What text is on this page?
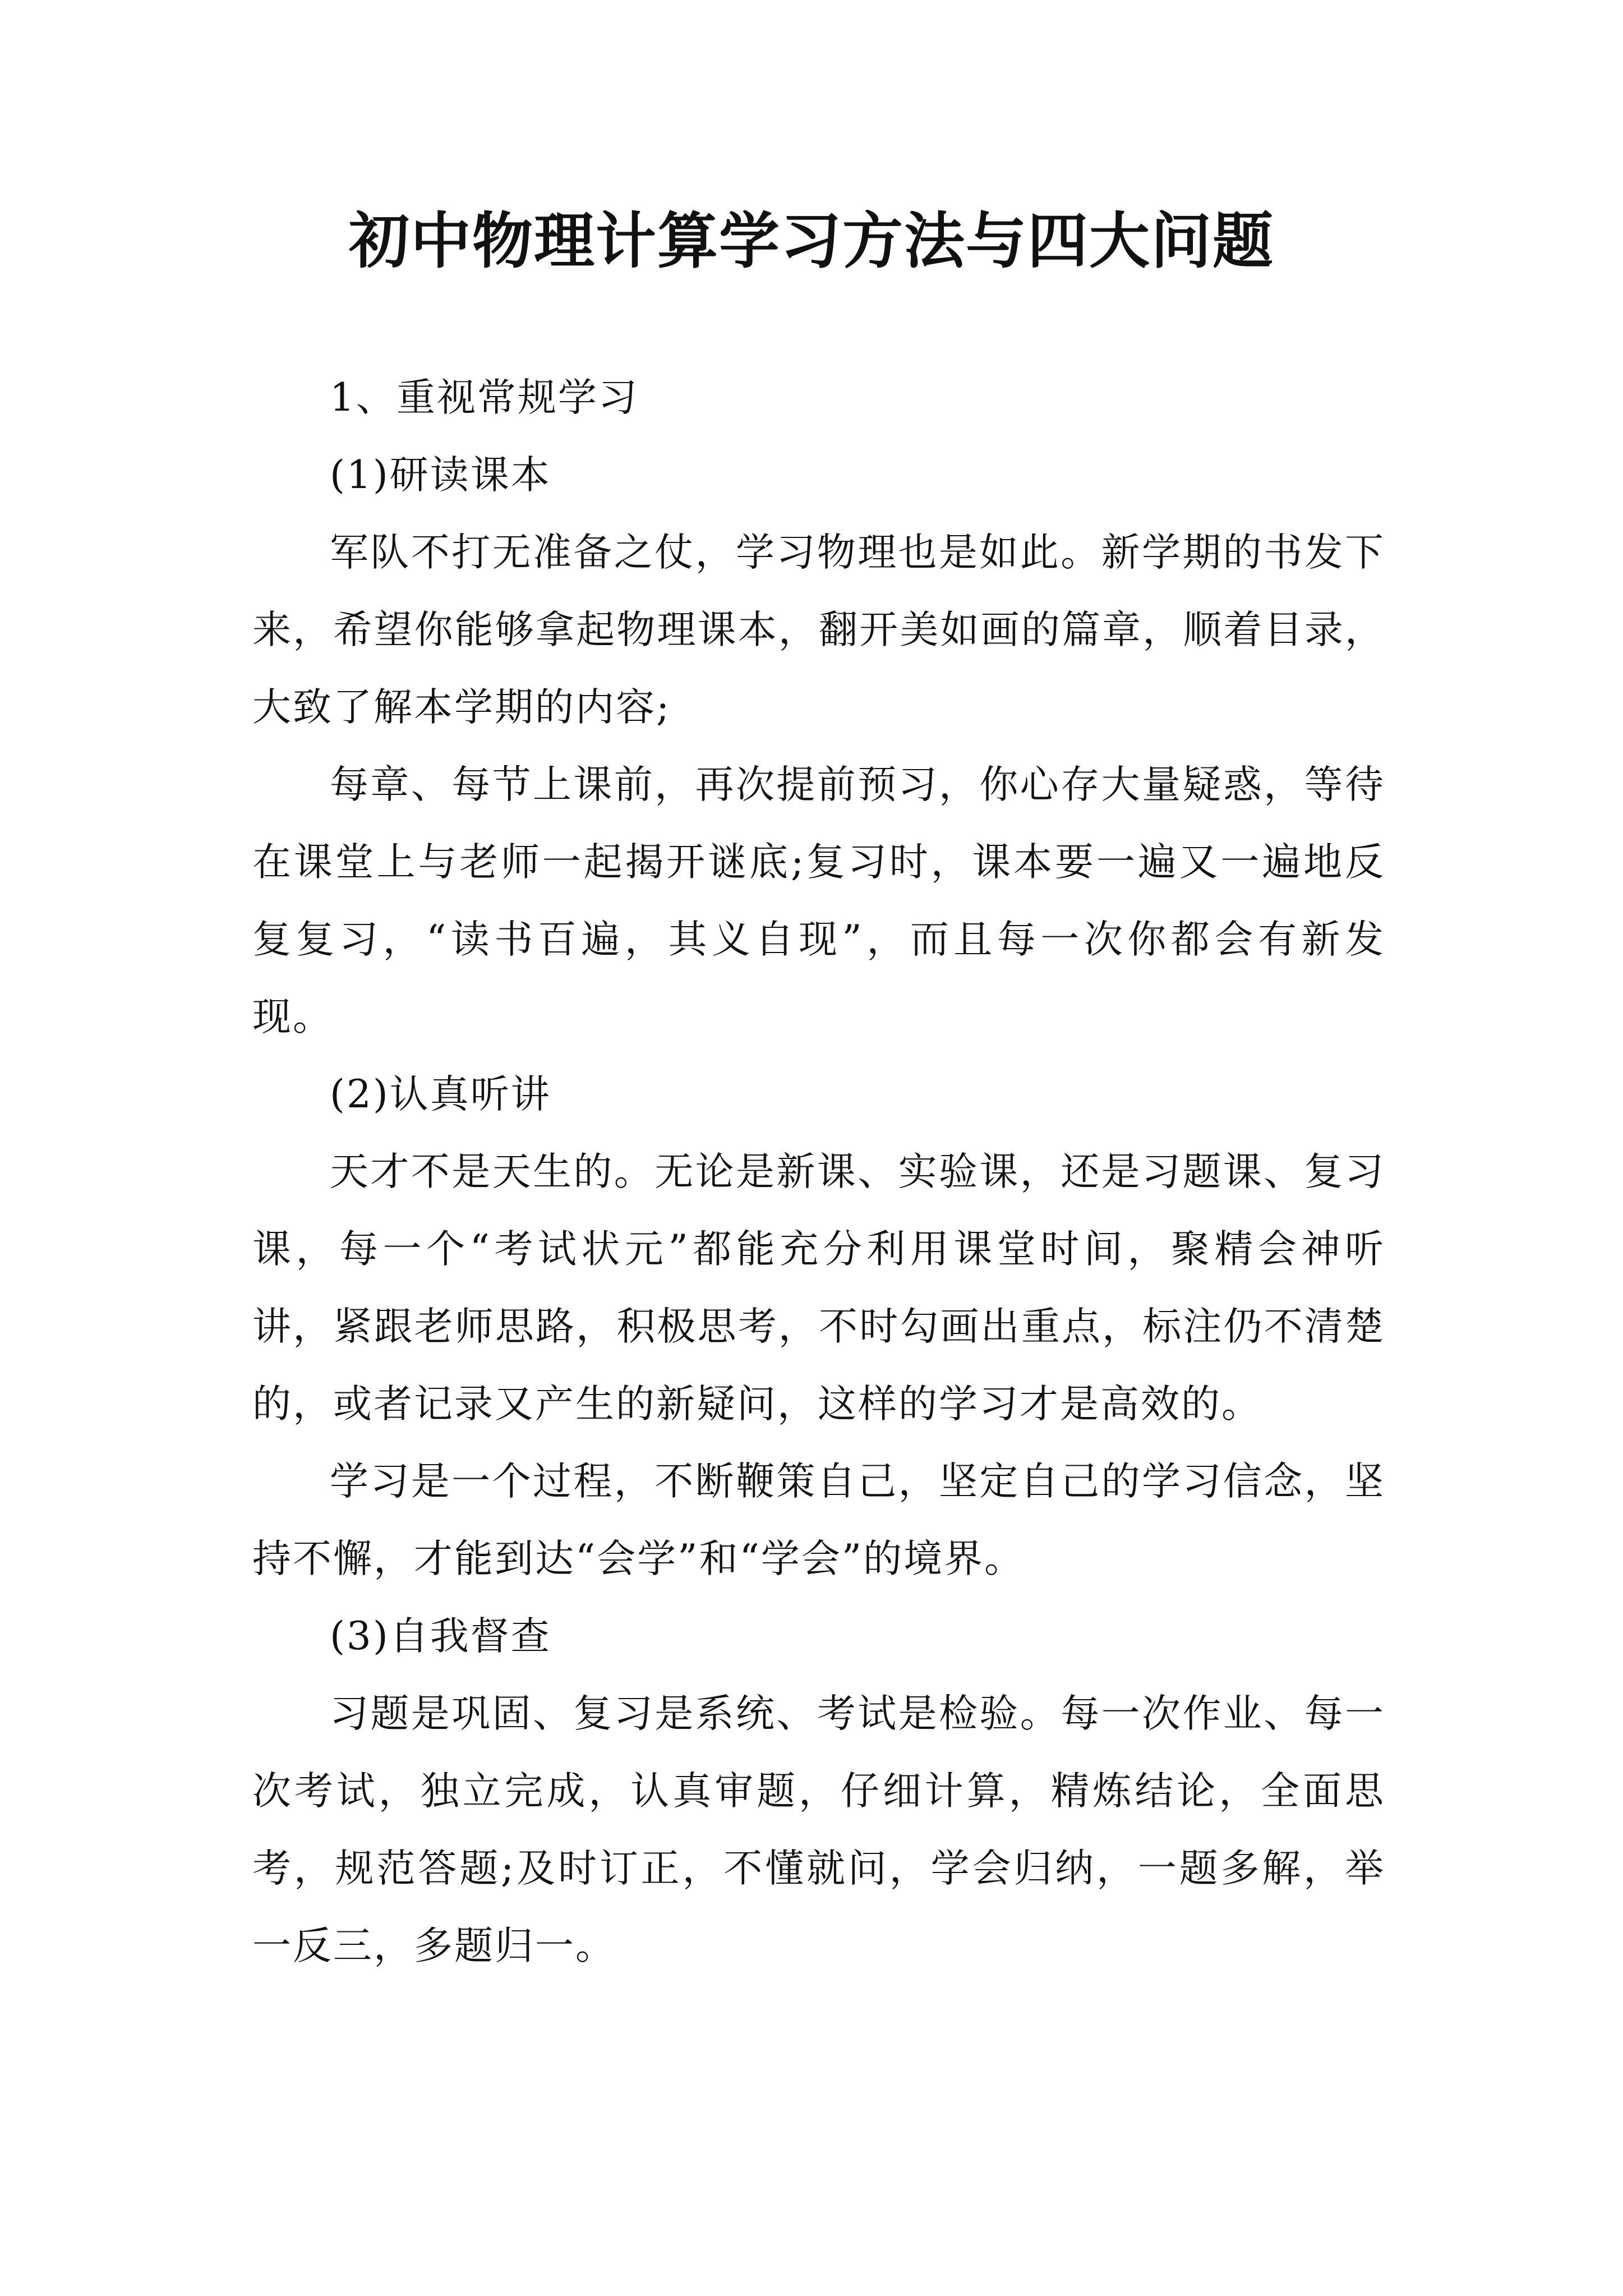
初中物理计算学习方法与四大问题

1、重视常规学习

(1)研读课本

军队不打无准备之仗，学习物理也是如此。新学期的书发下来，希望你能够拿起物理课本，翻开美如画的篇章，顺着目录，大致了解本学期的内容;

每章、每节上课前，再次提前预习，你心存大量疑惑，等待在课堂上与老师一起揭开谜底;复习时，课本要一遍又一遍地反复复习，“读书百遍，其义自现”，而且每一次你都会有新发现。

(2)认真听讲

天才不是天生的。无论是新课、实验课，还是习题课、复习课，每一个“考试状元”都能充分利用课堂时间，聚精会神听讲，紧跟老师思路，积极思考，不时勾画出重点，标注仍不清楚的，或者记录又产生的新疑问，这样的学习才是高效的。

学习是一个过程，不断鞭策自己，坚定自己的学习信念，坚持不懈，才能到达“会学”和“学会”的境界。

(3)自我督查

习题是巩固、复习是系统、考试是检验。每一次作业、每一次考试，独立完成，认真审题，仔细计算，精炼结论，全面思考，规范答题;及时订正，不懂就问，学会归纳，一题多解，举一反三，多题归一。
